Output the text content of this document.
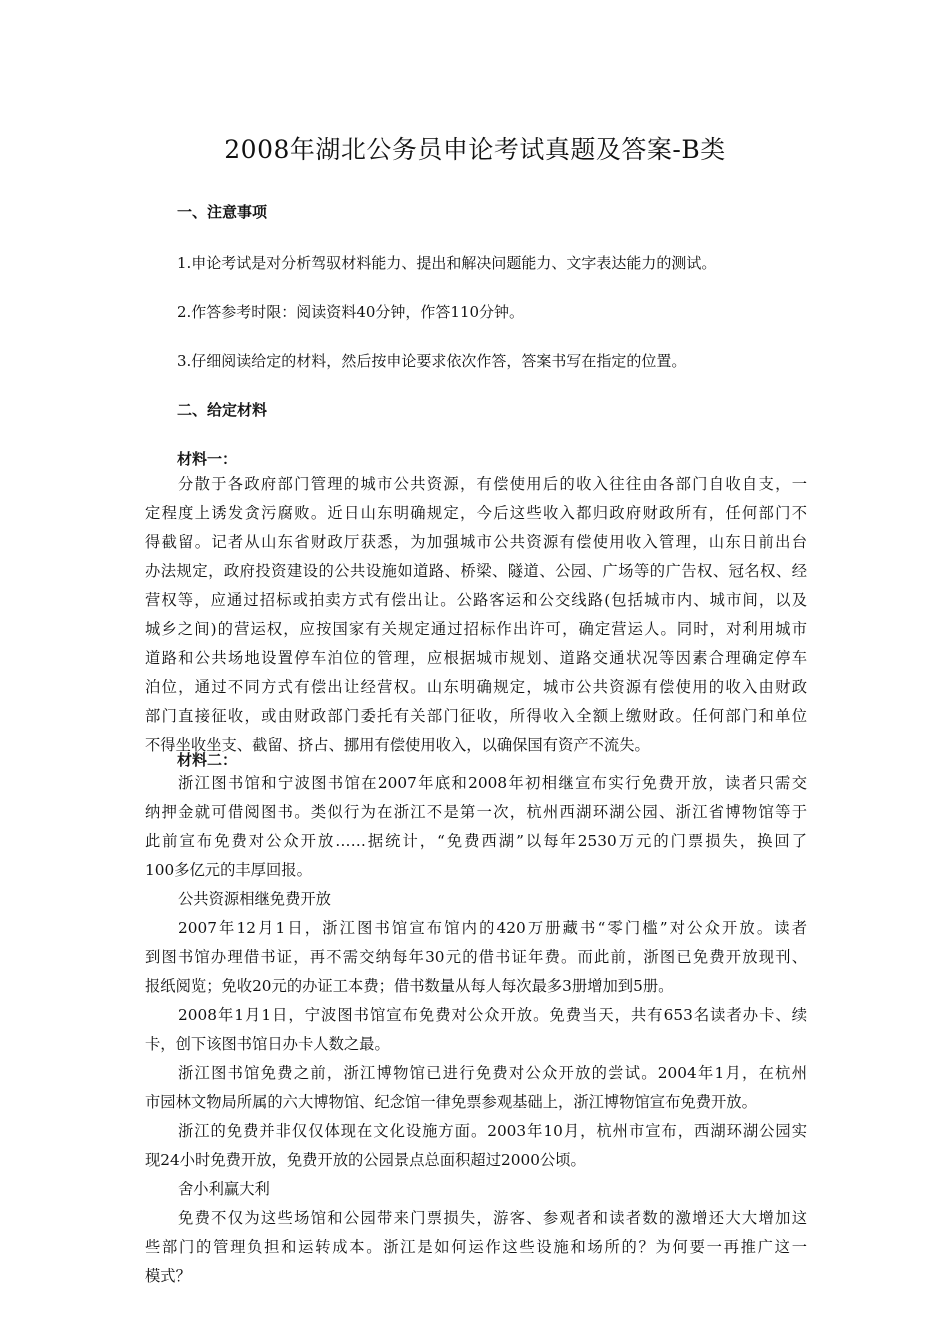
2008年湖北公务员申论考试真题及答案-B类
一、注意事项
1.申论考试是对分析驾驭材料能力、提出和解决问题能力、文字表达能力的测试。
2.作答参考时限：阅读资料40分钟，作答110分钟。
3.仔细阅读给定的材料，然后按申论要求依次作答，答案书写在指定的位置。
二、给定材料
材料一：
分散于各政府部门管理的城市公共资源，有偿使用后的收入往往由各部门自收自支，一
定程度上诱发贪污腐败。近日山东明确规定，今后这些收入都归政府财政所有，任何部门不
得截留。记者从山东省财政厅获悉，为加强城市公共资源有偿使用收入管理，山东日前出台
办法规定，政府投资建设的公共设施如道路、桥梁、隧道、公园、广场等的广告权、冠名权、经
营权等，应通过招标或拍卖方式有偿出让。公路客运和公交线路(包括城市内、城市间，以及
城乡之间)的营运权，应按国家有关规定通过招标作出许可，确定营运人。同时，对利用城市
道路和公共场地设置停车泊位的管理，应根据城市规划、道路交通状况等因素合理确定停车
泊位，通过不同方式有偿出让经营权。山东明确规定，城市公共资源有偿使用的收入由财政
部门直接征收，或由财政部门委托有关部门征收，所得收入全额上缴财政。任何部门和单位
不得坐收坐支、截留、挤占、挪用有偿使用收入，以确保国有资产不流失。
材料二：
浙江图书馆和宁波图书馆在2007年底和2008年初相继宣布实行免费开放，读者只需交
纳押金就可借阅图书。类似行为在浙江不是第一次，杭州西湖环湖公园、浙江省博物馆等于
此前宣布免费对公众开放……据统计，“免费西湖”以每年2530万元的门票损失，换回了
100多亿元的丰厚回报。
公共资源相继免费开放
2007年12月1日，浙江图书馆宣布馆内的420万册藏书“零门槛”对公众开放。读者
到图书馆办理借书证，再不需交纳每年30元的借书证年费。而此前，浙图已免费开放现刊、
报纸阅览；免收20元的办证工本费；借书数量从每人每次最多3册增加到5册。
2008年1月1日，宁波图书馆宣布免费对公众开放。免费当天，共有653名读者办卡、续
卡，创下该图书馆日办卡人数之最。
浙江图书馆免费之前，浙江博物馆已进行免费对公众开放的尝试。2004年1月，在杭州
市园林文物局所属的六大博物馆、纪念馆一律免票参观基础上，浙江博物馆宣布免费开放。
浙江的免费并非仅仅体现在文化设施方面。2003年10月，杭州市宣布，西湖环湖公园实
现24小时免费开放，免费开放的公园景点总面积超过2000公顷。
舍小利赢大利
免费不仅为这些场馆和公园带来门票损失，游客、参观者和读者数的激增还大大增加这
些部门的管理负担和运转成本。浙江是如何运作这些设施和场所的？为何要一再推广这一
模式？
